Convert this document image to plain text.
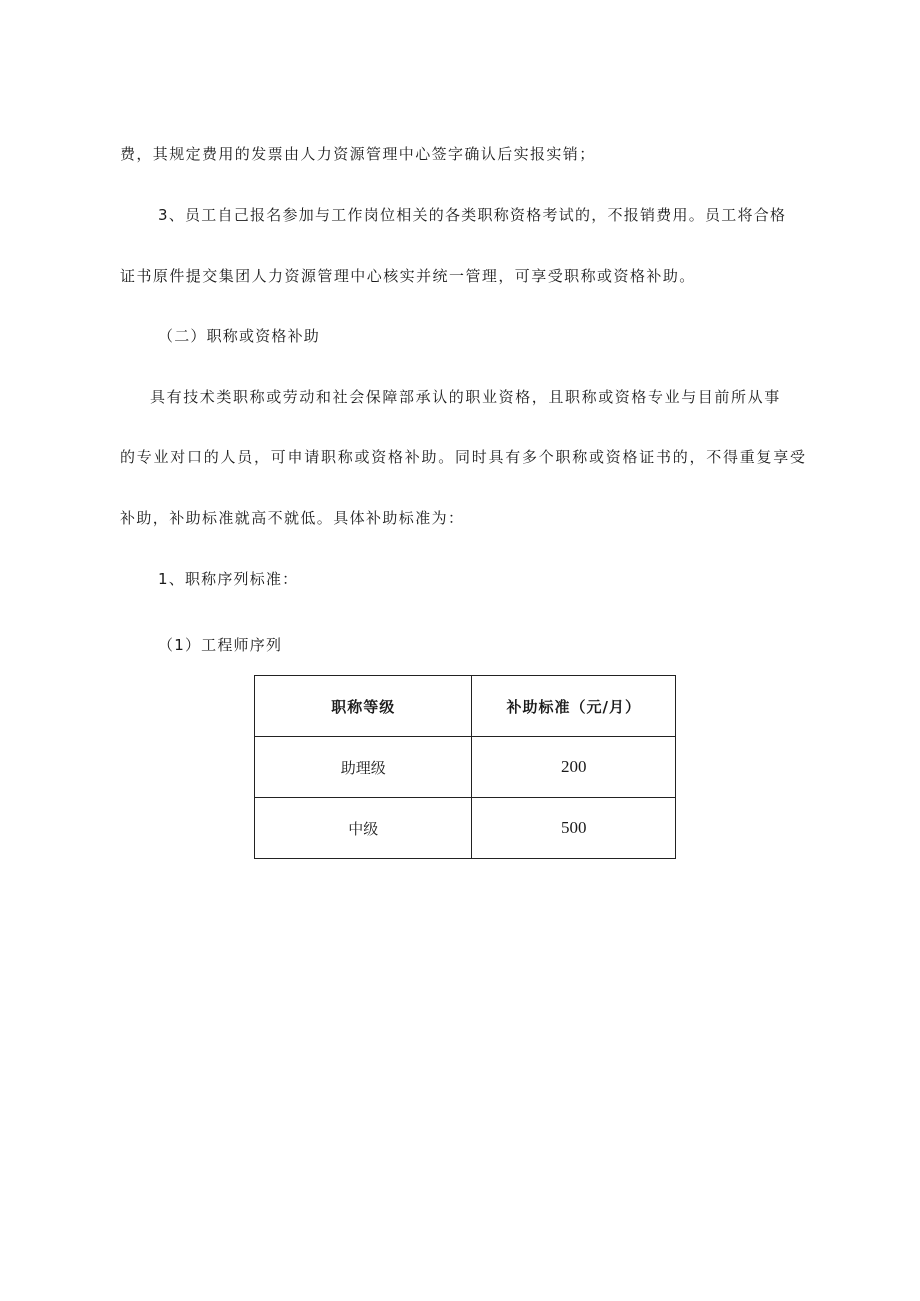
费，其规定费用的发票由人力资源管理中心签字确认后实报实销；
3、员工自己报名参加与工作岗位相关的各类职称资格考试的，不报销费用。员工将合格
证书原件提交集团人力资源管理中心核实并统一管理，可享受职称或资格补助。
（二）职称或资格补助
具有技术类职称或劳动和社会保障部承认的职业资格，且职称或资格专业与目前所从事
的专业对口的人员，可申请职称或资格补助。同时具有多个职称或资格证书的，不得重复享受
补助，补助标准就高不就低。具体补助标准为：
1、职称序列标准：
（1）工程师序列
职称等级	补助标准（元/月）
助理级	200
中级	500
